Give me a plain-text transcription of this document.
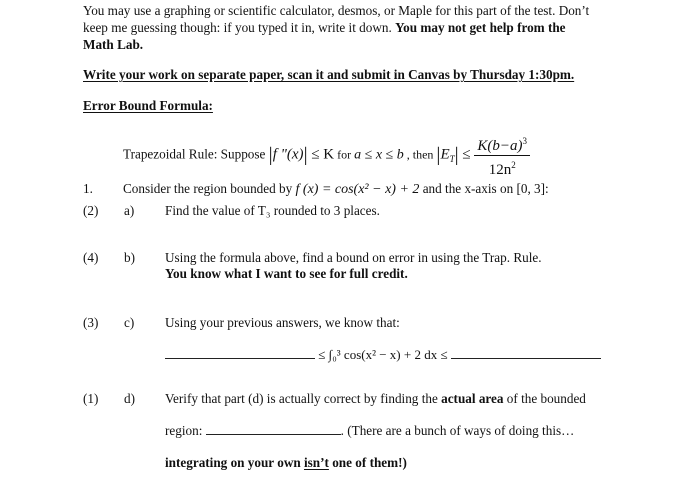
You may use a graphing or scientific calculator, desmos, or Maple for this part of the test. Don’t
keep me guessing though: if you typed it in, write it down. You may not get help from the
Math Lab.
Write your work on separate paper, scan it and submit in Canvas by Thursday 1:30pm.
Error Bound Formula:
Trapezoidal Rule: Suppose |f "(x)| ≤ K for a ≤ x ≤ b , then $|E_T| \le \frac{K(b-a)^3}{12n^2}$
1. Consider the region bounded by f (x) = cos(x² − x) + 2 and the x-axis on [0, 3]:
(2) a) Find the value of T₃ rounded to 3 places.
(4) b) Using the formula above, find a bound on error in using the Trap. Rule.
You know what I want to see for full credit.
(3) c) Using your previous answers, we know that:
≤ ∫₀³ cos(x² − x) + 2 dx ≤
(1) d) Verify that part (d) is actually correct by finding the actual area of the bounded
region:	. (There are a bunch of ways of doing this…
integrating on your own isn’t one of them!)
